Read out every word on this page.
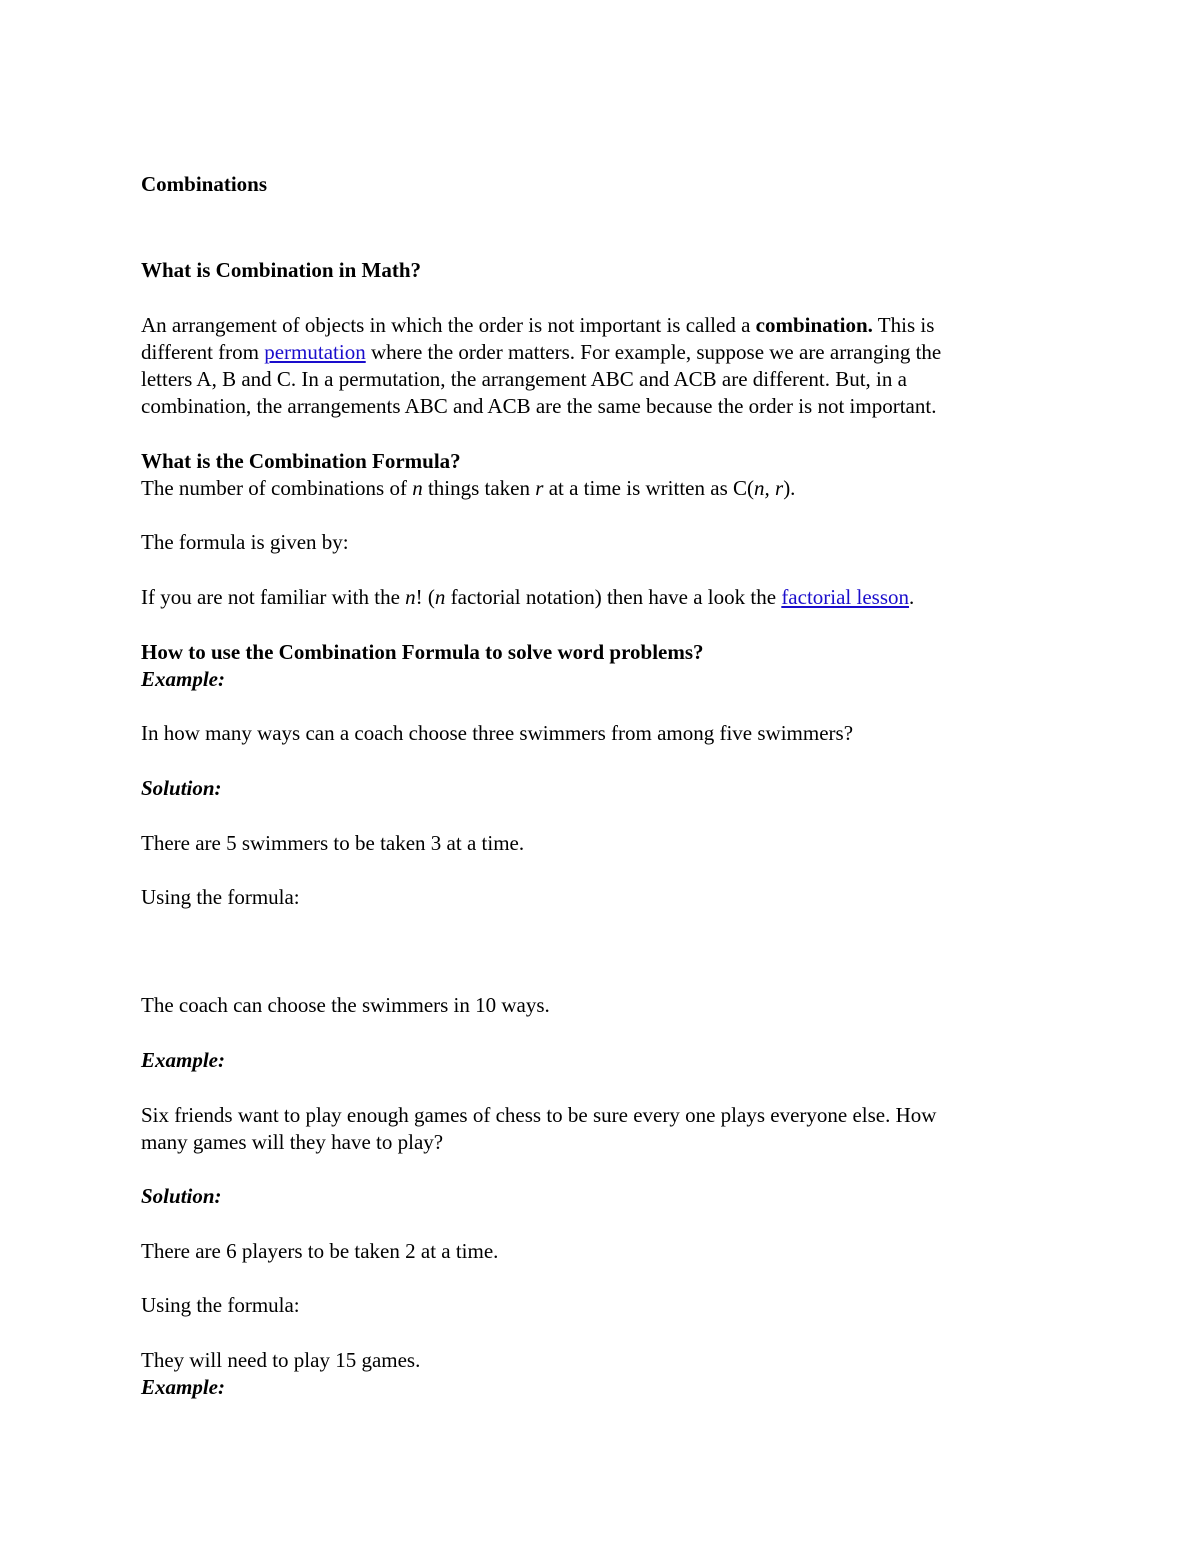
Combinations

What is Combination in Math?

An arrangement of objects in which the order is not important is called a combination. This is

different from permutation where the order matters. For example, suppose we are arranging the

letters A, B and C. In a permutation, the arrangement ABC and ACB are different. But, in a

combination, the arrangements ABC and ACB are the same because the order is not important.

What is the Combination Formula?

The number of combinations of n things taken r at a time is written as C(n, r).

The formula is given by:

If you are not familiar with the n! (n factorial notation) then have a look the factorial lesson.

How to use the Combination Formula to solve word problems?

Example:

In how many ways can a coach choose three swimmers from among five swimmers?

Solution:

There are 5 swimmers to be taken 3 at a time.

Using the formula:

The coach can choose the swimmers in 10 ways.

Example:

Six friends want to play enough games of chess to be sure every one plays everyone else. How

many games will they have to play?

Solution:

There are 6 players to be taken 2 at a time.

Using the formula:

They will need to play 15 games.

Example:
